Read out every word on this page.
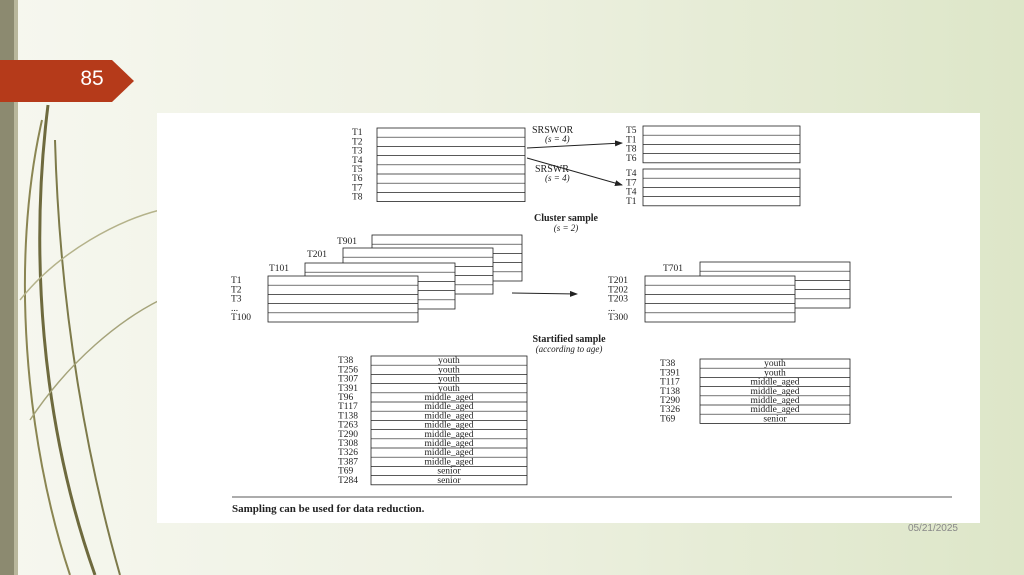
85
T1
T2
T3
T4
T5
T6
T7
T8
SRSWOR
(s = 4)
SRSWR
(s = 4)
T5
T1
T8
T6
T4
T7
T4
T1
Cluster sample
(s = 2)
T901
T201
T101
T1
T2
T3
...
T100
T701
T201
T202
T203
...
T300
Startified sample
(according to age)
T38	youth
T256	youth
T307	youth
T391	youth
T96	middle_aged
T117	middle_aged
T138	middle_aged
T263	middle_aged
T290	middle_aged
T308	middle_aged
T326	middle_aged
T387	middle_aged
T69	senior
T284	senior
T38	youth
T391	youth
T117	middle_aged
T138	middle_aged
T290	middle_aged
T326	middle_aged
T69	senior
Sampling can be used for data reduction.
05/21/2025
